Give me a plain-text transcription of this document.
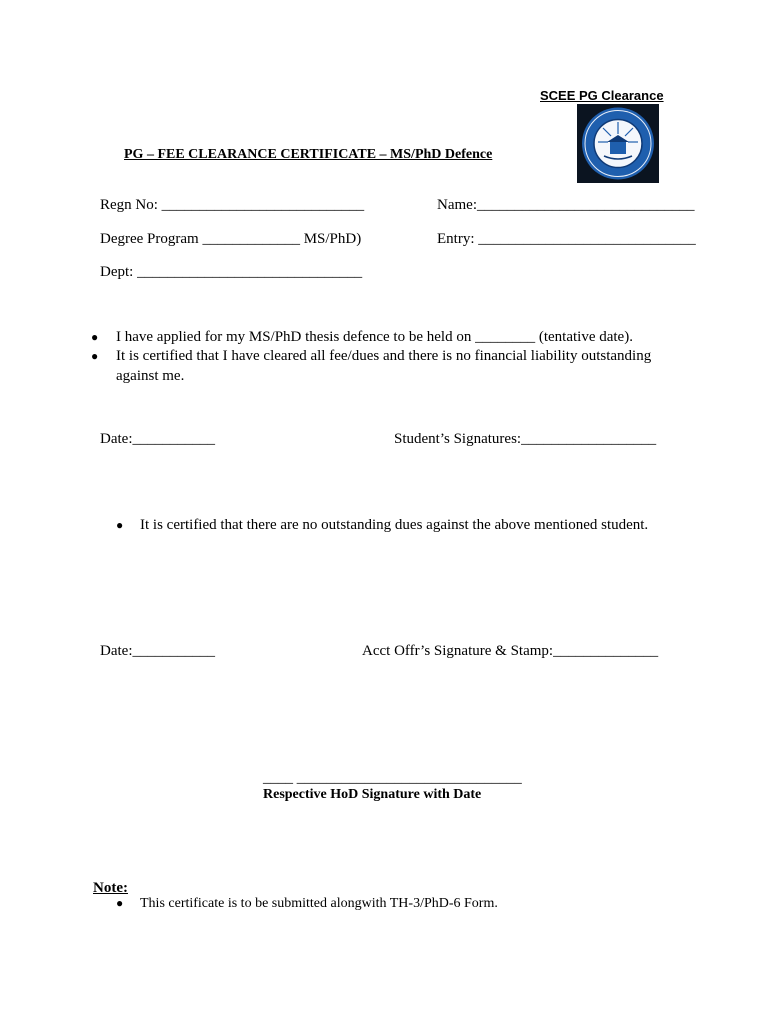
SCEE PG Clearance
PG – FEE CLEARANCE CERTIFICATE – MS/PhD Defence
Regn No: ___________________________	Name:_____________________________
Degree Program _____________ MS/PhD)	Entry: _____________________________
Dept: ______________________________
● I have applied for my MS/PhD thesis defence to be held on ________ (tentative date).
● It is certified that I have cleared all fee/dues and there is no financial liability outstanding
against me.
Date:___________	Student’s Signatures:__________________
● It is certified that there are no outstanding dues against the above mentioned student.
Date:___________	Acct Offr’s Signature & Stamp:______________
____ ______________________________
Respective HoD Signature with Date
Note:
● This certificate is to be submitted alongwith TH-3/PhD-6 Form.
